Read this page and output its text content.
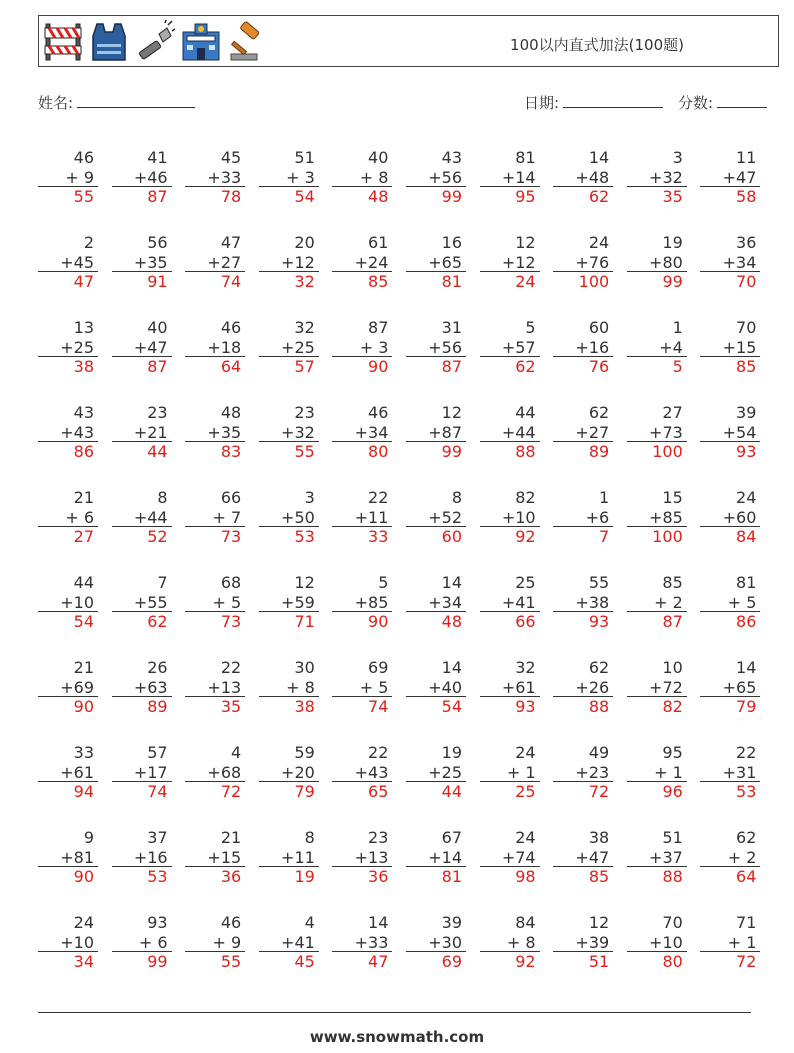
100以内直式加法(100题)
姓名:	日期:	分数:
46
+ 9
55
41
+46
87
45
+33
78
51
+ 3
54
40
+ 8
48
43
+56
99
81
+14
95
14
+48
62
3
+32
35
11
+47
58
2
+45
47
56
+35
91
47
+27
74
20
+12
32
61
+24
85
16
+65
81
12
+12
24
24
+76
100
19
+80
99
36
+34
70
13
+25
38
40
+47
87
46
+18
64
32
+25
57
87
+ 3
90
31
+56
87
5
+57
62
60
+16
76
1
+4
5
70
+15
85
43
+43
86
23
+21
44
48
+35
83
23
+32
55
46
+34
80
12
+87
99
44
+44
88
62
+27
89
27
+73
100
39
+54
93
21
+ 6
27
8
+44
52
66
+ 7
73
3
+50
53
22
+11
33
8
+52
60
82
+10
92
1
+6
7
15
+85
100
24
+60
84
44
+10
54
7
+55
62
68
+ 5
73
12
+59
71
5
+85
90
14
+34
48
25
+41
66
55
+38
93
85
+ 2
87
81
+ 5
86
21
+69
90
26
+63
89
22
+13
35
30
+ 8
38
69
+ 5
74
14
+40
54
32
+61
93
62
+26
88
10
+72
82
14
+65
79
33
+61
94
57
+17
74
4
+68
72
59
+20
79
22
+43
65
19
+25
44
24
+ 1
25
49
+23
72
95
+ 1
96
22
+31
53
9
+81
90
37
+16
53
21
+15
36
8
+11
19
23
+13
36
67
+14
81
24
+74
98
38
+47
85
51
+37
88
62
+ 2
64
24
+10
34
93
+ 6
99
46
+ 9
55
4
+41
45
14
+33
47
39
+30
69
84
+ 8
92
12
+39
51
70
+10
80
71
+ 1
72
www.snowmath.com
